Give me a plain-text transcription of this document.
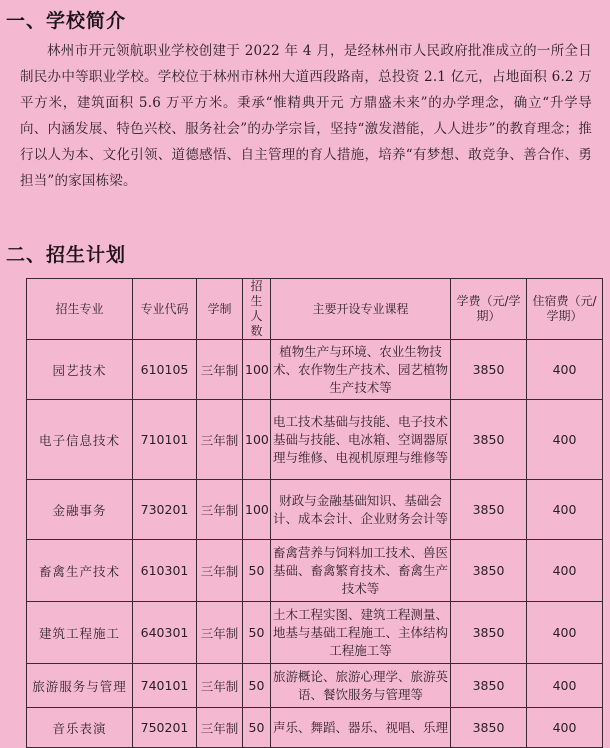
一、学校简介
林州市开元领航职业学校创建于 2022 年 4 月，是经林州市人民政府批准成立的一所全日制民办中等职业学校。学校位于林州市林州大道西段路南，总投资 2.1 亿元，占地面积 6.2 万平方米，建筑面积 5.6 万平方米。秉承“惟精典开元 方鼎盛未来”的办学理念，确立“升学导向、内涵发展、特色兴校、服务社会”的办学宗旨，坚持“激发潜能，人人进步”的教育理念；推行以人为本、文化引领、道德感悟、自主管理的育人措施，培养“有梦想、敢竞争、善合作、勇担当”的家国栋梁。
二、招生计划
招生专业	专业代码	学制	招生人数	主要开设专业课程	学费（元/学期）	住宿费（元/学期）
园艺技术	610105	三年制	100	植物生产与环境、农业生物技术、农作物生产技术、园艺植物生产技术等	3850	400
电子信息技术	710101	三年制	100	电工技术基础与技能、电子技术基础与技能、电冰箱、空调器原理与维修、电视机原理与维修等	3850	400
金融事务	730201	三年制	100	财政与金融基础知识、基础会计、成本会计、企业财务会计等	3850	400
畜禽生产技术	610301	三年制	50	畜禽营养与饲料加工技术、兽医基础、畜禽繁育技术、畜禽生产技术等	3850	400
建筑工程施工	640301	三年制	50	土木工程实图、建筑工程测量、地基与基础工程施工、主体结构工程施工等	3850	400
旅游服务与管理	740101	三年制	50	旅游概论、旅游心理学、旅游英语、餐饮服务与管理等	3850	400
音乐表演	750201	三年制	50	声乐、舞蹈、器乐、视唱、乐理	3850	400
